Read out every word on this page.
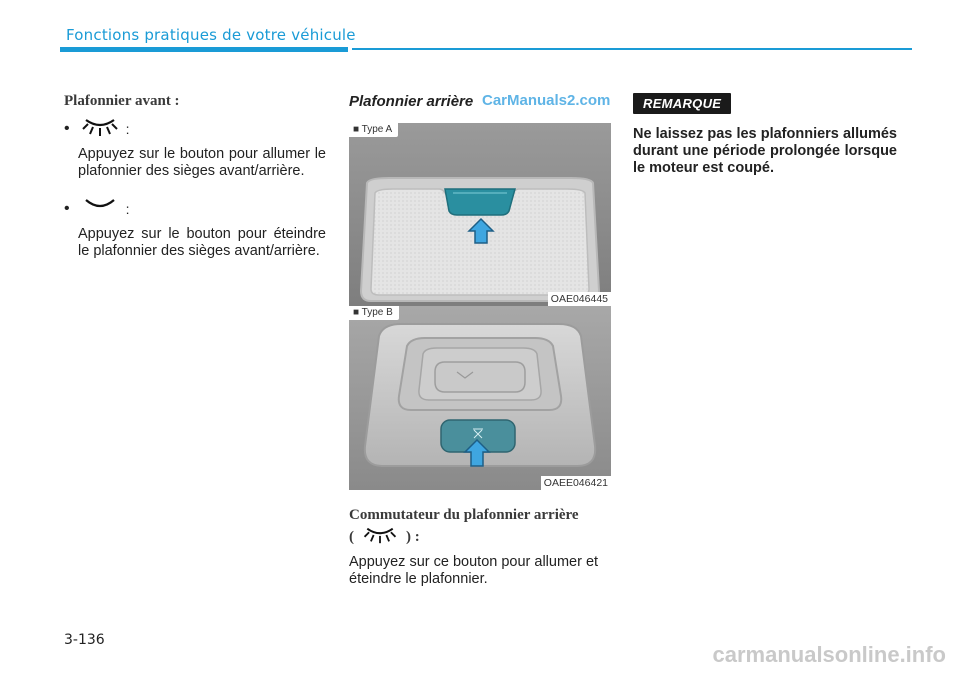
Fonctions pratiques de votre véhicule
Plafonnier avant :
•	:
Appuyez sur le bouton pour allumer le plafonnier des sièges avant/arrière.
•	:
Appuyez sur le bouton pour éteindre le plafonnier des sièges avant/arrière.
Plafonnier arrière CarManuals2.com
■ Type A
OAE046445
■ Type B
OAEE046421
Commutateur du plafonnier arrière
(	) :
Appuyez sur ce bouton pour allumer et éteindre le plafonnier.
REMARQUE
Ne laissez pas les plafonniers allumés durant une période prolongée lorsque le moteur est coupé.
3-136
carmanualsonline.info
